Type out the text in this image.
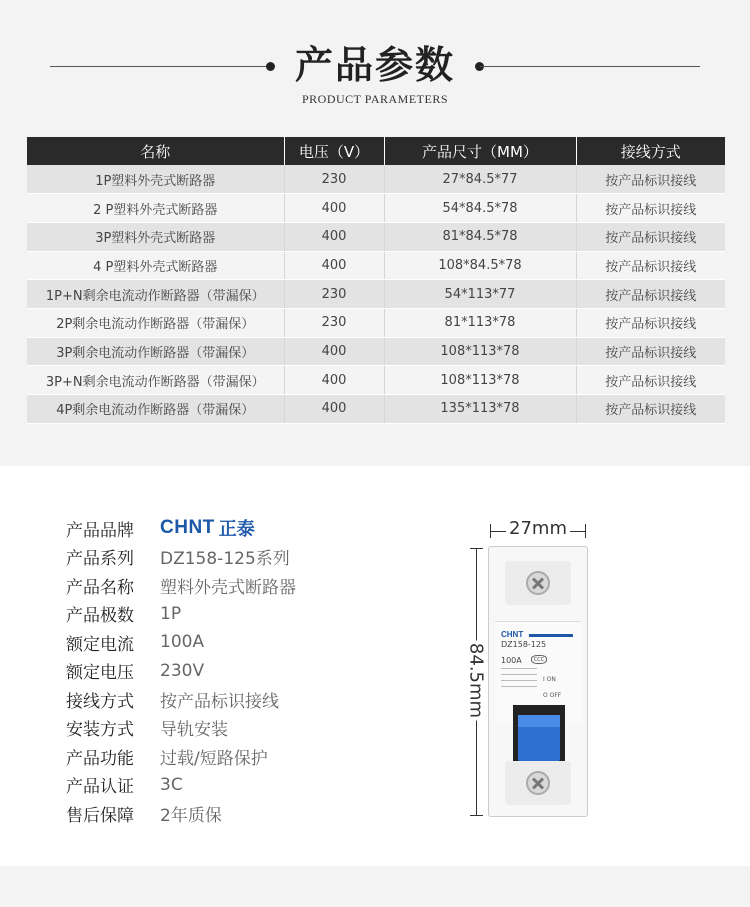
产品参数
PRODUCT PARAMETERS
名称	电压（V）	产品尺寸（MM）	接线方式
1P塑料外壳式断路器	230	27*84.5*77	按产品标识接线
2 P塑料外壳式断路器	400	54*84.5*78	按产品标识接线
3P塑料外壳式断路器	400	81*84.5*78	按产品标识接线
4 P塑料外壳式断路器	400	108*84.5*78	按产品标识接线
1P+N剩余电流动作断路器（带漏保）	230	54*113*77	按产品标识接线
2P剩余电流动作断路器（带漏保）	230	81*113*78	按产品标识接线
3P剩余电流动作断路器（带漏保）	400	108*113*78	按产品标识接线
3P+N剩余电流动作断路器（带漏保）	400	108*113*78	按产品标识接线
4P剩余电流动作断路器（带漏保）	400	135*113*78	按产品标识接线
产品品牌	CHNT 正泰
产品系列	DZ158-125系列
产品名称	塑料外壳式断路器
产品极数	1P
额定电流	100A
额定电压	230V
接线方式	按产品标识接线
安装方式	导轨安装
产品功能	过载/短路保护
产品认证	3C
售后保障	2年质保
CHNT
DZ158-125
100A	CCC
I ON
O OFF
27mm
84.5mm
